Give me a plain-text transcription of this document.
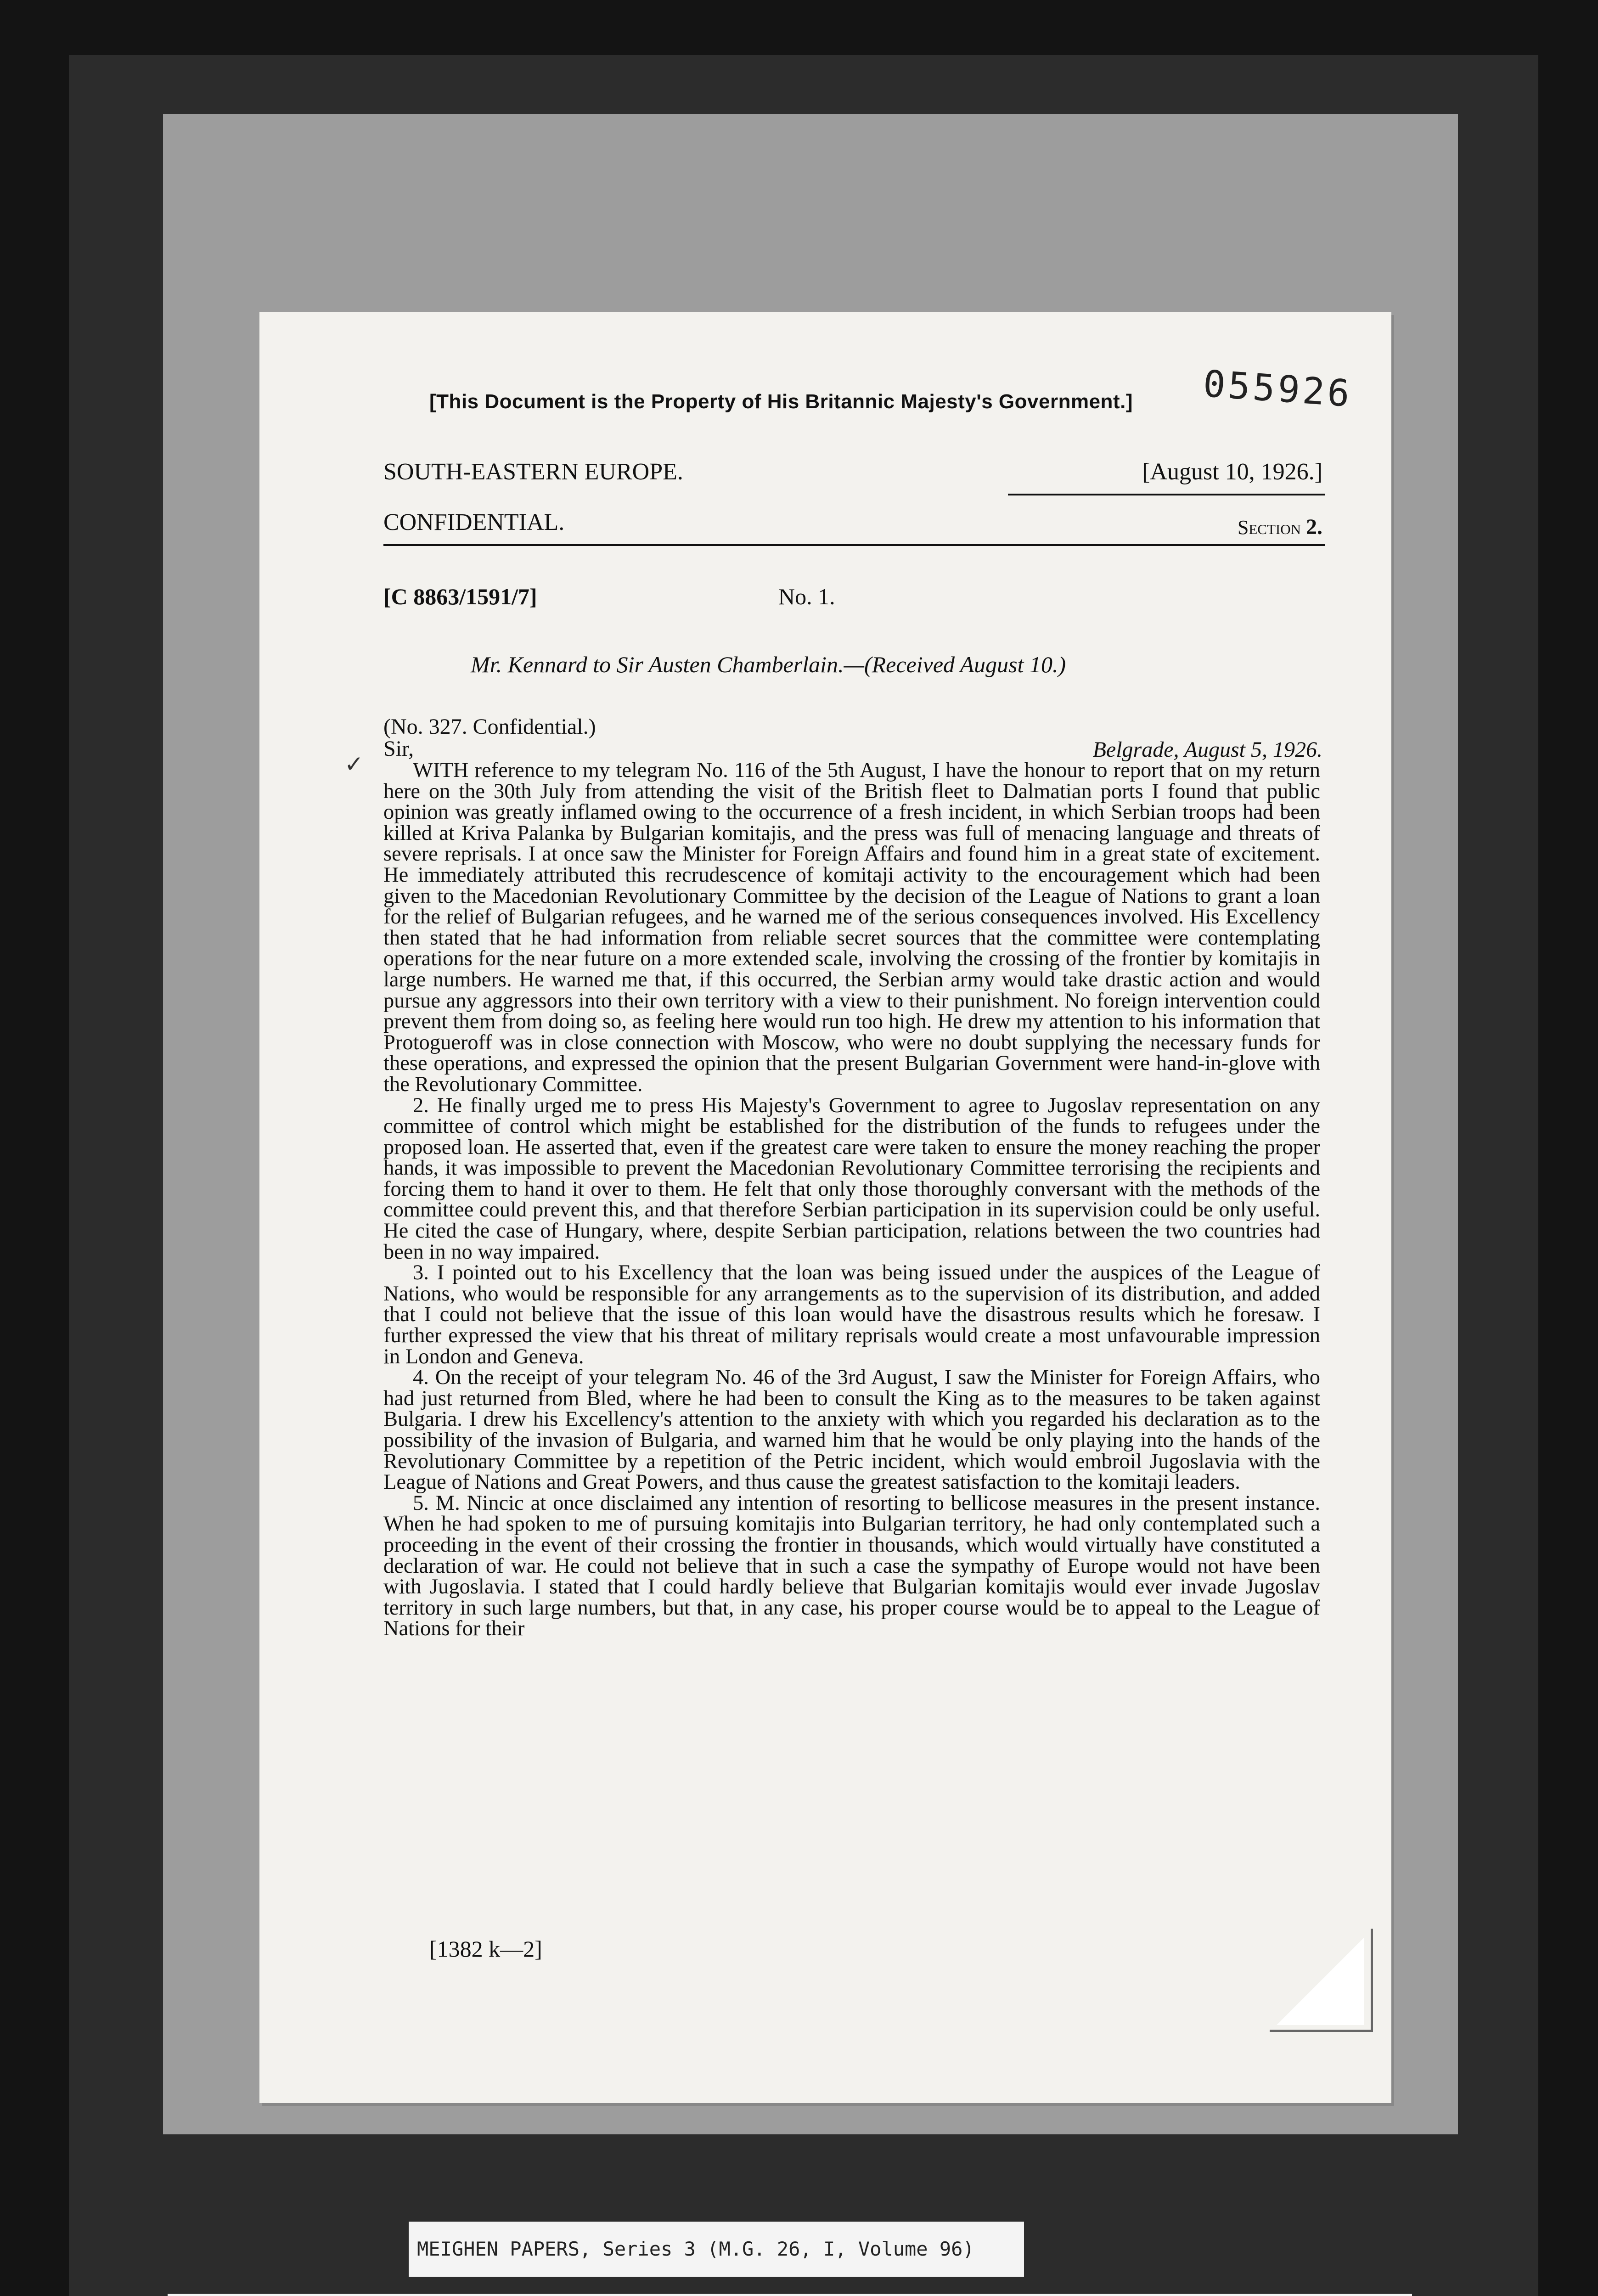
[This Document is the Property of His Britannic Majesty's Government.] 055926
SOUTH-EASTERN EUROPE.	[August 10, 1926.]
CONFIDENTIAL.	Section 2.
[C 8863/1591/7]	No. 1.
Mr. Kennard to Sir Austen Chamberlain.—(Received August 10.)
(No. 327. Confidential.)
Sir,	Belgrade, August 5, 1926.
✓	WITH reference to my telegram No. 116 of the 5th August, I have the honour to report that on my return here on the 30th July from attending the visit of the British fleet to Dalmatian ports I found that public opinion was greatly inflamed owing to the occurrence of a fresh incident, in which Serbian troops had been killed at Kriva Palanka by Bulgarian komitajis, and the press was full of menacing language and threats of severe reprisals. I at once saw the Minister for Foreign Affairs and found him in a great state of excitement. He immediately attributed this recrudescence of komitaji activity to the encouragement which had been given to the Macedonian Revolutionary Committee by the decision of the League of Nations to grant a loan for the relief of Bulgarian refugees, and he warned me of the serious consequences involved. His Excellency then stated that he had information from reliable secret sources that the committee were contemplating operations for the near future on a more extended scale, involving the crossing of the frontier by komitajis in large numbers. He warned me that, if this occurred, the Serbian army would take drastic action and would pursue any aggressors into their own territory with a view to their punishment. No foreign intervention could prevent them from doing so, as feeling here would run too high. He drew my attention to his information that Protogueroff was in close connection with Moscow, who were no doubt supplying the necessary funds for these operations, and expressed the opinion that the present Bulgarian Government were hand-in-glove with the Revolutionary Committee.

2. He finally urged me to press His Majesty's Government to agree to Jugoslav representation on any committee of control which might be established for the distribution of the funds to refugees under the proposed loan. He asserted that, even if the greatest care were taken to ensure the money reaching the proper hands, it was impossible to prevent the Macedonian Revolutionary Committee terrorising the recipients and forcing them to hand it over to them. He felt that only those thoroughly conversant with the methods of the committee could prevent this, and that therefore Serbian participation in its supervision could be only useful. He cited the case of Hungary, where, despite Serbian participation, relations between the two countries had been in no way impaired.

3. I pointed out to his Excellency that the loan was being issued under the auspices of the League of Nations, who would be responsible for any arrangements as to the supervision of its distribution, and added that I could not believe that the issue of this loan would have the disastrous results which he foresaw. I further expressed the view that his threat of military reprisals would create a most unfavourable impression in London and Geneva.

4. On the receipt of your telegram No. 46 of the 3rd August, I saw the Minister for Foreign Affairs, who had just returned from Bled, where he had been to consult the King as to the measures to be taken against Bulgaria. I drew his Excellency's attention to the anxiety with which you regarded his declaration as to the possibility of the invasion of Bulgaria, and warned him that he would be only playing into the hands of the Revolutionary Committee by a repetition of the Petric incident, which would embroil Jugoslavia with the League of Nations and Great Powers, and thus cause the greatest satisfaction to the komitaji leaders.

5. M. Nincic at once disclaimed any intention of resorting to bellicose measures in the present instance. When he had spoken to me of pursuing komitajis into Bulgarian territory, he had only contemplated such a proceeding in the event of their crossing the frontier in thousands, which would virtually have constituted a declaration of war. He could not believe that in such a case the sympathy of Europe would not have been with Jugoslavia. I stated that I could hardly believe that Bulgarian komitajis would ever invade Jugoslav territory in such large numbers, but that, in any case, his proper course would be to appeal to the League of Nations for their

[1382 k—2]
MEIGHEN PAPERS, Series 3 (M.G. 26, I, Volume 96)
